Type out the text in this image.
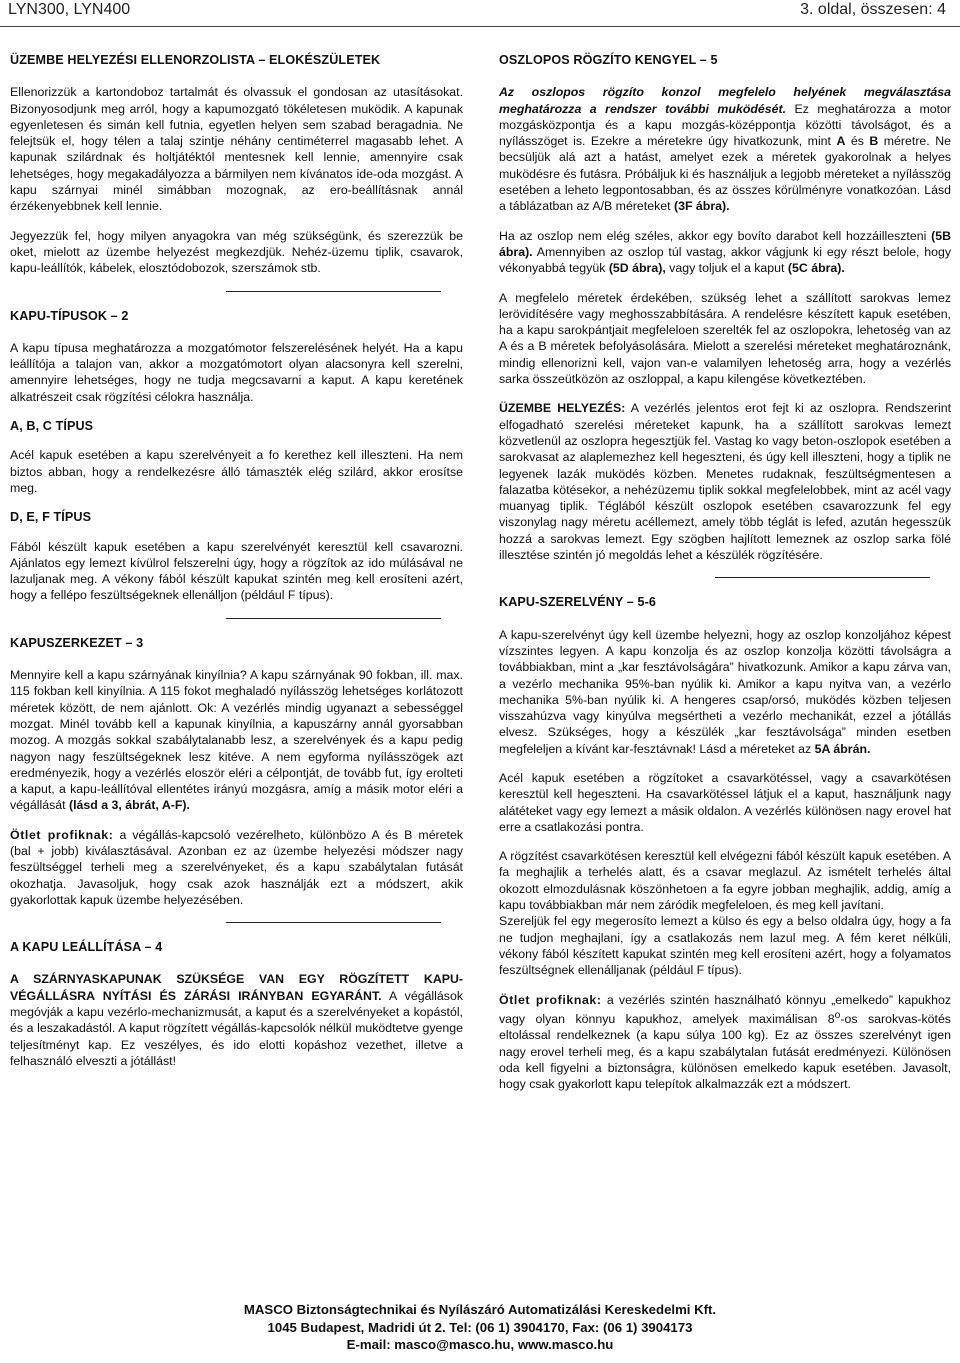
LYN300, LYN400	3. oldal, összesen: 4
ÜZEMBE HELYEZÉSI ELLENORZOLISTA – ELOKÉSZÜLETEK

Ellenorizzük a kartondoboz tartalmát és olvassuk el gondosan az utasításokat. Bizonyosodjunk meg arról, hogy a kapumozgató tökéletesen muködik. A kapunak egyenletesen és simán kell futnia, egyetlen helyen sem szabad beragadnia. Ne felejtsük el, hogy télen a talaj szintje néhány centiméterrel magasabb lehet. A kapunak szilárdnak és holtjátéktól mentesnek kell lennie, amennyire csak lehetséges, hogy megakadályozza a bármilyen nem kívánatos ide-oda mozgást. A kapu szárnyai minél simábban mozognak, az ero-beállításnak annál érzékenyebbnek kell lennie.

Jegyezzük fel, hogy milyen anyagokra van még szükségünk, és szerezzük be oket, mielott az üzembe helyezést megkezdjük. Nehéz-üzemu tiplik, csavarok, kapu-leállítók, kábelek, elosztódobozok, szerszámok stb.

KAPU-TÍPUSOK – 2

A kapu típusa meghatározza a mozgatómotor felszerelésének helyét. Ha a kapu leállítója a talajon van, akkor a mozgatómotort olyan alacsonyra kell szerelni, amennyire lehetséges, hogy ne tudja megcsavarni a kaput. A kapu keretének alkatrészeit csak rögzítési célokra használja.

A, B, C TÍPUS

Acél kapuk esetében a kapu szerelvényeit a fo kerethez kell illeszteni. Ha nem biztos abban, hogy a rendelkezésre álló támaszték elég szilárd, akkor erosítse meg.

D, E, F TÍPUS

Fából készült kapuk esetében a kapu szerelvényét keresztül kell csavarozni. Ajánlatos egy lemezt kívülrol felszerelni úgy, hogy a rögzítok az ido múlásával ne lazuljanak meg. A vékony fából készült kapukat szintén meg kell erosíteni azért, hogy a fellépo feszültségeknek ellenálljon (például F típus).

KAPUSZERKEZET – 3

Mennyire kell a kapu szárnyának kinyílnia? A kapu szárnyának 90 fokban, ill. max. 115 fokban kell kinyílnia. A 115 fokot meghaladó nyílásszög lehetséges korlátozott méretek között, de nem ajánlott. Ok: A vezérlés mindig ugyanazt a sebességgel mozgat. Minél tovább kell a kapunak kinyílnia, a kapuszárny annál gyorsabban mozog. A mozgás sokkal szabálytalanabb lesz, a szerelvények és a kapu pedig nagyon nagy feszültségeknek lesz kitéve. A nem egyforma nyílásszögek azt eredményezik, hogy a vezérlés eloször eléri a célpontját, de tovább fut, így erolteti a kaput, a kapu-leállítóval ellentétes irányú mozgásra, amíg a másik motor eléri a végállását (lásd a 3, ábrát, A-F).

Ötlet profiknak: a végállás-kapcsoló vezérelheto, különbözo A és B méretek (bal + jobb) kiválasztásával. Azonban ez az üzembe helyezési módszer nagy feszültséggel terheli meg a szerelvényeket, és a kapu szabálytalan futását okozhatja. Javasoljuk, hogy csak azok használják ezt a módszert, akik gyakorlottak kapuk üzembe helyezésében.

A KAPU LEÁLLÍTÁSA – 4

A SZÁRNYASKAPUNAK SZÜKSÉGE VAN EGY RÖGZÍTETT KAPU-VÉGÁLLÁSRA NYÍTÁSI ÉS ZÁRÁSI IRÁNYBAN EGYARÁNT. A végállások megóvják a kapu vezérlo-mechanizmusát, a kaput és a szerelvényeket a kopástól, és a leszakadástól. A kaput rögzített végállás-kapcsolók nélkül muködtetve gyenge teljesítményt kap. Ez veszélyes, és ido elotti kopáshoz vezethet, illetve a felhasználó elveszti a jótállást!

OSZLOPOS RÖGZÍTO KENGYEL – 5

Az oszlopos rögzíto konzol megfelelo helyének megválasztása meghatározza a rendszer további muködését. Ez meghatározza a motor mozgásközpontja és a kapu mozgás-középpontja közötti távolságot, és a nyílásszöget is. Ezekre a méretekre úgy hivatkozunk, mint A és B méretre. Ne becsüljük alá azt a hatást, amelyet ezek a méretek gyakorolnak a helyes muködésre és futásra. Próbáljuk ki és használjuk a legjobb méreteket a nyílásszög esetében a leheto legpontosabban, és az összes körülményre vonatkozóan. Lásd a táblázatban az A/B méreteket (3F ábra).

Ha az oszlop nem elég széles, akkor egy bovíto darabot kell hozzáilleszteni (5B ábra). Amennyiben az oszlop túl vastag, akkor vágjunk ki egy részt belole, hogy vékonyabbá tegyük (5D ábra), vagy toljuk el a kaput (5C ábra).

A megfelelo méretek érdekében, szükség lehet a szállított sarokvas lemez lerövidítésére vagy meghosszabbítására. A rendelésre készített kapuk esetében, ha a kapu sarokpántjait megfeleloen szerelték fel az oszlopokra, lehetoség van az A és a B méretek befolyásolására. Mielott a szerelési méreteket meghatároznánk, mindig ellenorizni kell, vajon van-e valamilyen lehetoség arra, hogy a vezérlés sarka összeütközön az oszloppal, a kapu kilengése következtében.

ÜZEMBE HELYEZÉS: A vezérlés jelentos erot fejt ki az oszlopra. Rendszerint elfogadható szerelési méreteket kapunk, ha a szállított sarokvas lemezt közvetlenül az oszlopra hegesztjük fel. Vastag ko vagy beton-oszlopok esetében a sarokvasat az alaplemezhez kell hegeszteni, és úgy kell illeszteni, hogy a tiplik ne legyenek lazák muködés közben. Menetes rudaknak, feszültségmentesen a falazatba kötésekor, a nehézüzemu tiplik sokkal megfelelobbek, mint az acél vagy muanyag tiplik. Téglából készült oszlopok esetében csavarozzunk fel egy viszonylag nagy méretu acéllemezt, amely több téglát is lefed, azután hegesszük hozzá a sarokvas lemezt. Egy szögben hajlított lemeznek az oszlop sarka fölé illesztése szintén jó megoldás lehet a készülék rögzítésére.

KAPU-SZERELVÉNY – 5-6

A kapu-szerelvényt úgy kell üzembe helyezni, hogy az oszlop konzoljához képest vízszintes legyen. A kapu konzolja és az oszlop konzolja közötti távolságra a továbbiakban, mint a „kar fesztávolságára” hivatkozunk. Amikor a kapu zárva van, a vezérlo mechanika 95%-ban nyúlik ki. Amikor a kapu nyitva van, a vezérlo mechanika 5%-ban nyúlik ki. A hengeres csap/orsó, muködés közben teljesen visszahúzva vagy kinyúlva megsértheti a vezérlo mechanikát, ezzel a jótállás elvesz. Szükséges, hogy a készülék „kar fesztávolsága” minden esetben megfeleljen a kívánt kar-fesztávnak! Lásd a méreteket az 5A ábrán.

Acél kapuk esetében a rögzítoket a csavarkötéssel, vagy a csavarkötésen keresztül kell hegeszteni. Ha csavarkötéssel látjuk el a kaput, használjunk nagy alátéteket vagy egy lemezt a másik oldalon. A vezérlés különösen nagy erovel hat erre a csatlakozási pontra.

A rögzítést csavarkötésen keresztül kell elvégezni fából készült kapuk esetében. A fa meghajlik a terhelés alatt, és a csavar meglazul. Az ismételt terhelés által okozott elmozdulásnak köszönhetoen a fa egyre jobban meghajlik, addig, amíg a kapu továbbiakban már nem záródik megfeleloen, és meg kell javítani.

Szereljük fel egy megerosíto lemezt a külso és egy a belso oldalra úgy, hogy a fa ne tudjon meghajlani, így a csatlakozás nem lazul meg. A fém keret nélküli, vékony fából készített kapukat szintén meg kell erosíteni azért, hogy a folyamatos feszültségnek ellenálljanak (például F típus).

Ötlet profiknak: a vezérlés szintén használható könnyu „emelkedo” kapukhoz vagy olyan könnyu kapukhoz, amelyek maximálisan 8$^o$-os sarokvas-kötés eltolással rendelkeznek (a kapu súlya 100 kg). Ez az összes szerelvényt igen nagy erovel terheli meg, és a kapu szabálytalan futását eredményezi. Különösen oda kell figyelni a biztonságra, különösen emelkedo kapuk esetében. Javasolt, hogy csak gyakorlott kapu telepítok alkalmazzák ezt a módszert.

MASCO Biztonságtechnikai és Nyílászáró Automatizálási Kereskedelmi Kft.
1045 Budapest, Madridi út 2. Tel: (06 1) 3904170, Fax: (06 1) 3904173
E-mail: masco@masco.hu, www.masco.hu
